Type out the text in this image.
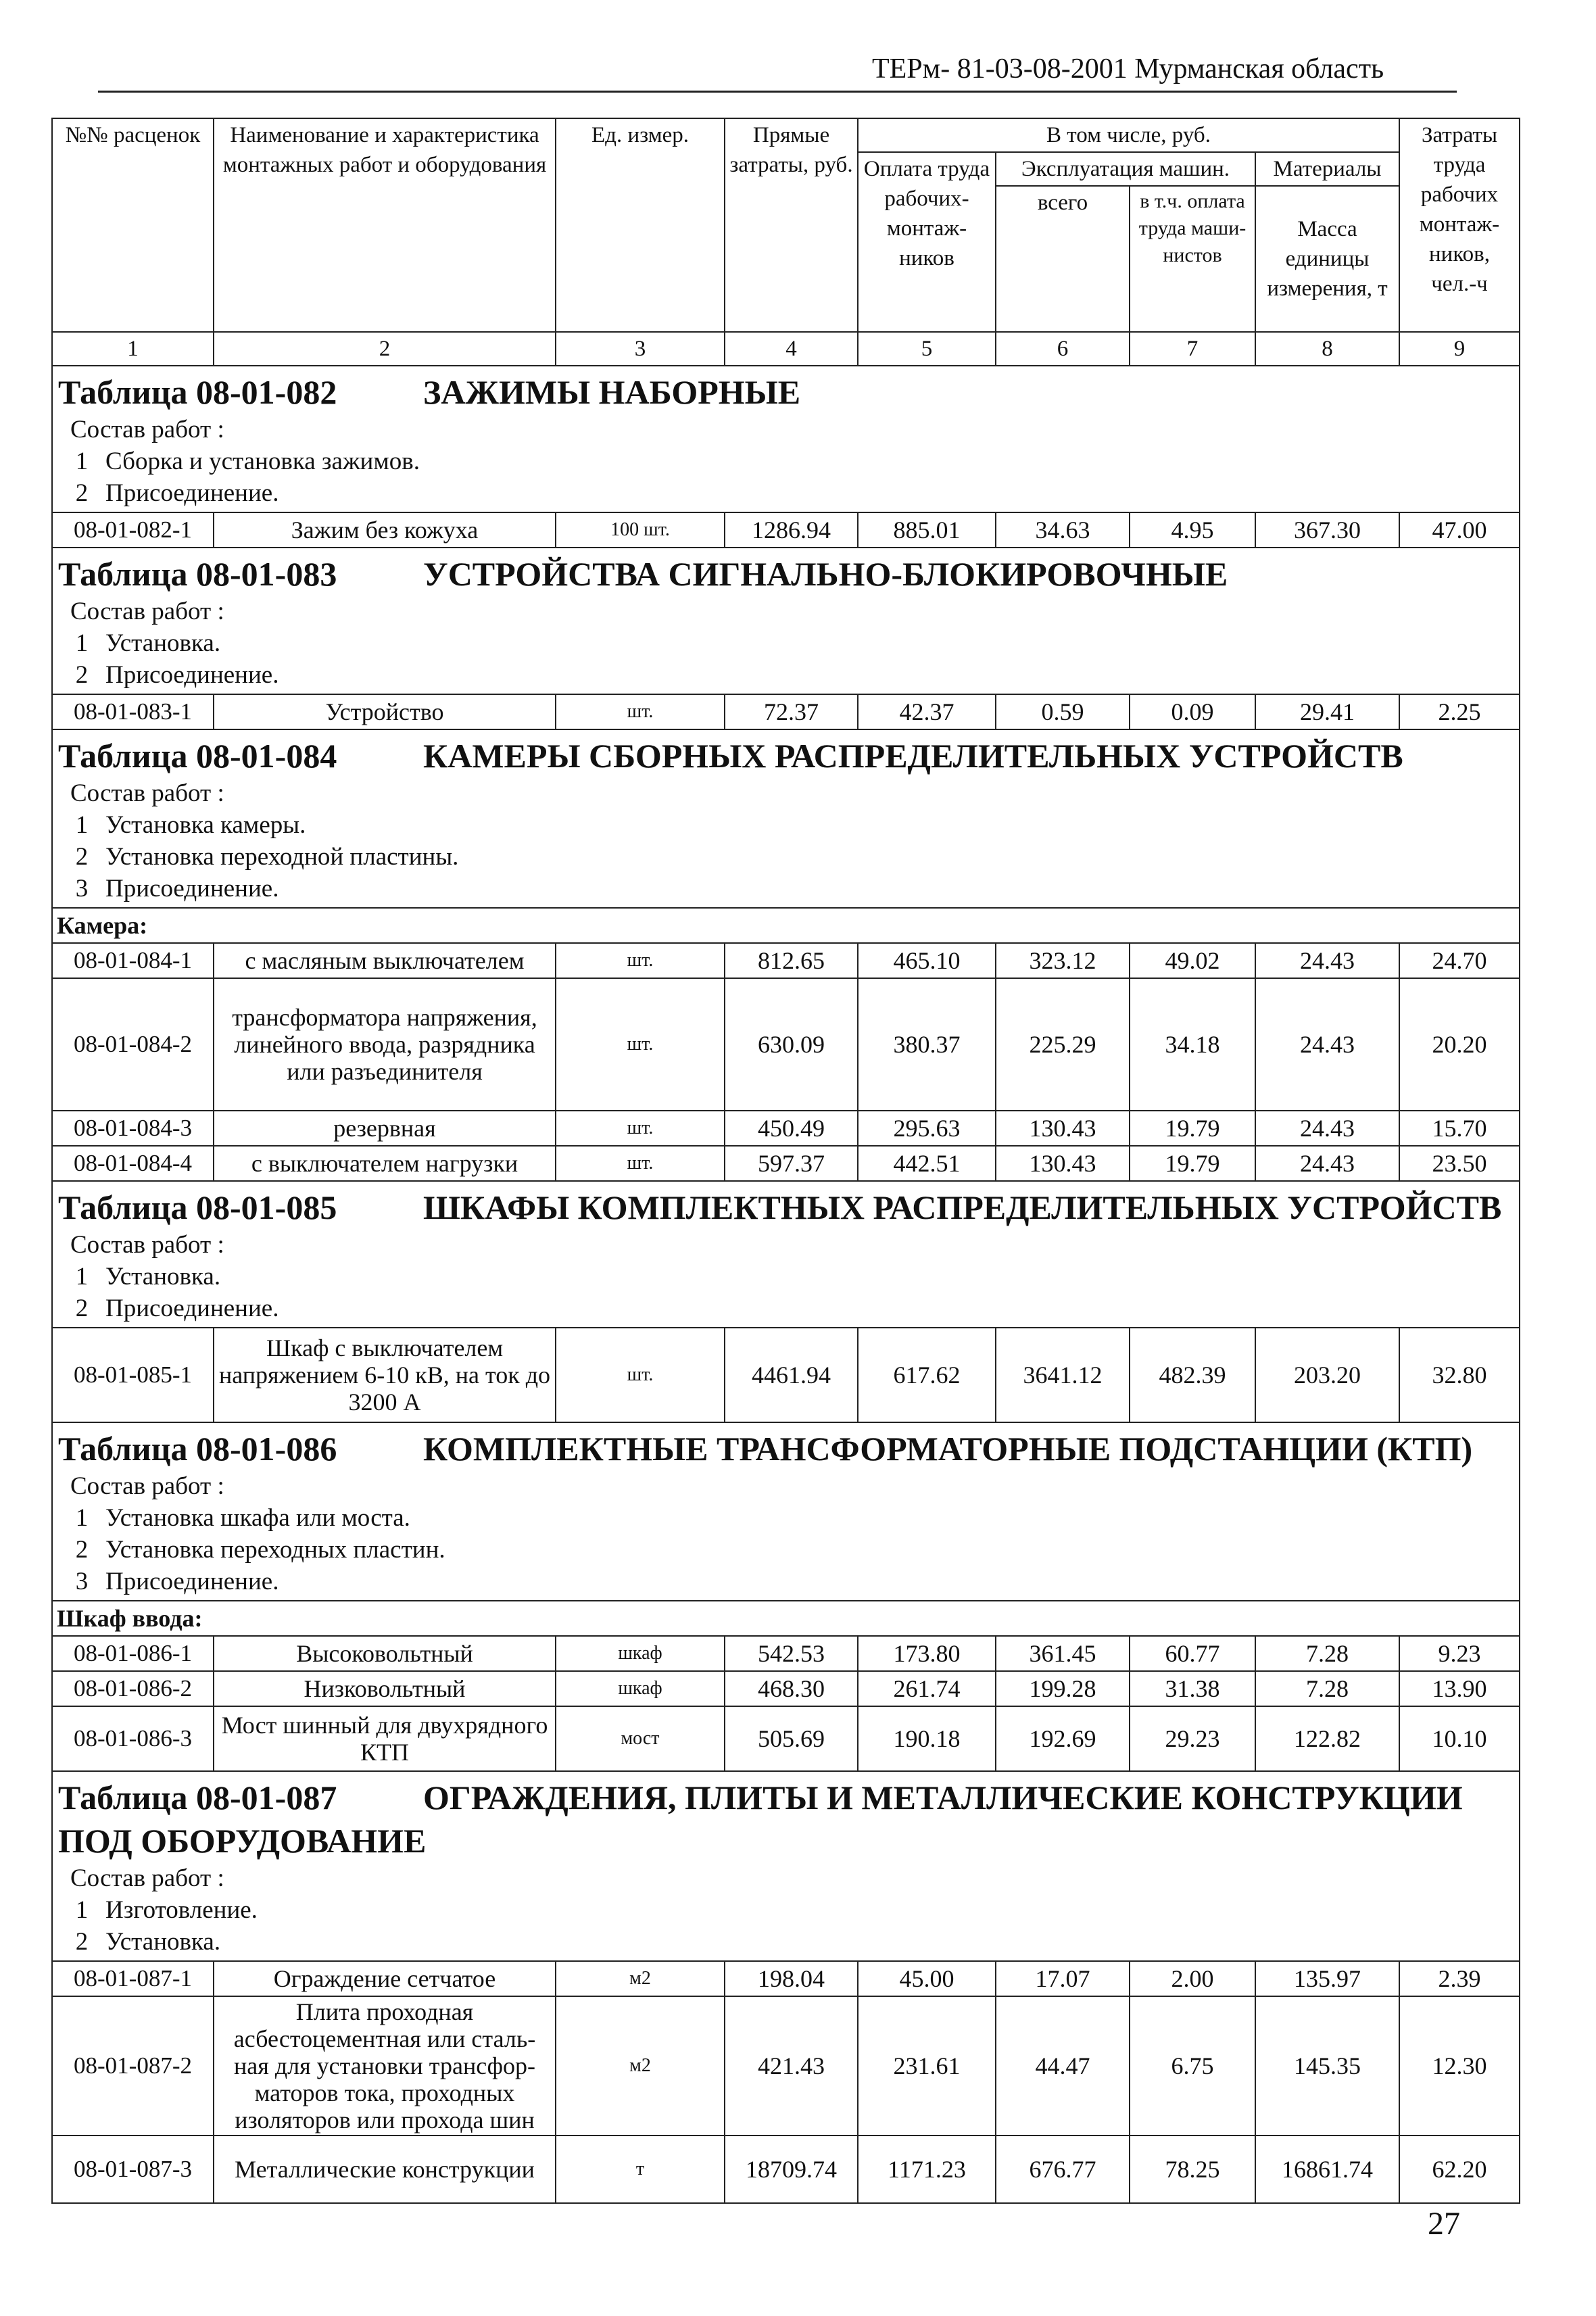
ТЕРм- 81-03-08-2001 Мурманская область
№№ расценок	Наименование и характеристика монтажных работ и оборудования	Ед. измер.	Прямые затраты, руб.	В том числе, руб.				Затраты труда рабочих монтаж-ников, чел.-ч
				Оплата труда рабочих-монтаж-ников	Эксплуатация машин.		Материалы	
					всего	в т.ч. оплата труда маши-нистов	Масса единицы измерения, т	
1	2	3	4	5	6	7	8	9

Таблица 08-01-082 ЗАЖИМЫ НАБОРНЫЕ
Состав работ :
1 Сборка и установка зажимов.
2 Присоединение.								

08-01-082-1	Зажим без кожуха	100 шт.	1286.94	885.01	34.63	4.95	367.30	47.00

Таблица 08-01-083 УСТРОЙСТВА СИГНАЛЬНО-БЛОКИРОВОЧНЫЕ
Состав работ :
1 Установка.
2 Присоединение.								

08-01-083-1	Устройство	шт.	72.37	42.37	0.59	0.09	29.41	2.25

Таблица 08-01-084 КАМЕРЫ СБОРНЫХ РАСПРЕДЕЛИТЕЛЬНЫХ УСТРОЙСТВ
Состав работ :
1 Установка камеры.
2 Установка переходной пластины.
3 Присоединение.								

Камера:								
08-01-084-1	с масляным выключателем	шт.	812.65	465.10	323.12	49.02	24.43	24.70
08-01-084-2	трансформатора напряжения, линейного ввода, разрядника или разъединителя	шт.	630.09	380.37	225.29	34.18	24.43	20.20
08-01-084-3	резервная	шт.	450.49	295.63	130.43	19.79	24.43	15.70
08-01-084-4	с выключателем нагрузки	шт.	597.37	442.51	130.43	19.79	24.43	23.50

Таблица 08-01-085 ШКАФЫ КОМПЛЕКТНЫХ РАСПРЕДЕЛИТЕЛЬНЫХ УСТРОЙСТВ
Состав работ :
1 Установка.
2 Присоединение.								

08-01-085-1	Шкаф с выключателем напряжением 6-10 кВ, на ток до 3200 А	шт.	4461.94	617.62	3641.12	482.39	203.20	32.80

Таблица 08-01-086 КОМПЛЕКТНЫЕ ТРАНСФОРМАТОРНЫЕ ПОДСТАНЦИИ (КТП)
Состав работ :
1 Установка шкафа или моста.
2 Установка переходных пластин.
3 Присоединение.								

Шкаф ввода:								
08-01-086-1	Высоковольтный	шкаф	542.53	173.80	361.45	60.77	7.28	9.23
08-01-086-2	Низковольтный	шкаф	468.30	261.74	199.28	31.38	7.28	13.90
08-01-086-3	Мост шинный для двухрядного КТП	мост	505.69	190.18	192.69	29.23	122.82	10.10

Таблица 08-01-087 ОГРАЖДЕНИЯ, ПЛИТЫ И МЕТАЛЛИЧЕСКИЕ КОНСТРУКЦИИ ПОД ОБОРУДОВАНИЕ
Состав работ :
1 Изготовление.
2 Установка.								

08-01-087-1	Ограждение сетчатое	м2	198.04	45.00	17.07	2.00	135.97	2.39
08-01-087-2	Плита проходная асбестоцементная или сталь-ная для установки трансфор-маторов тока, проходных изоляторов или прохода шин	м2	421.43	231.61	44.47	6.75	145.35	12.30
08-01-087-3	Металлические конструкции	т	18709.74	1171.23	676.77	78.25	16861.74	62.20
27
